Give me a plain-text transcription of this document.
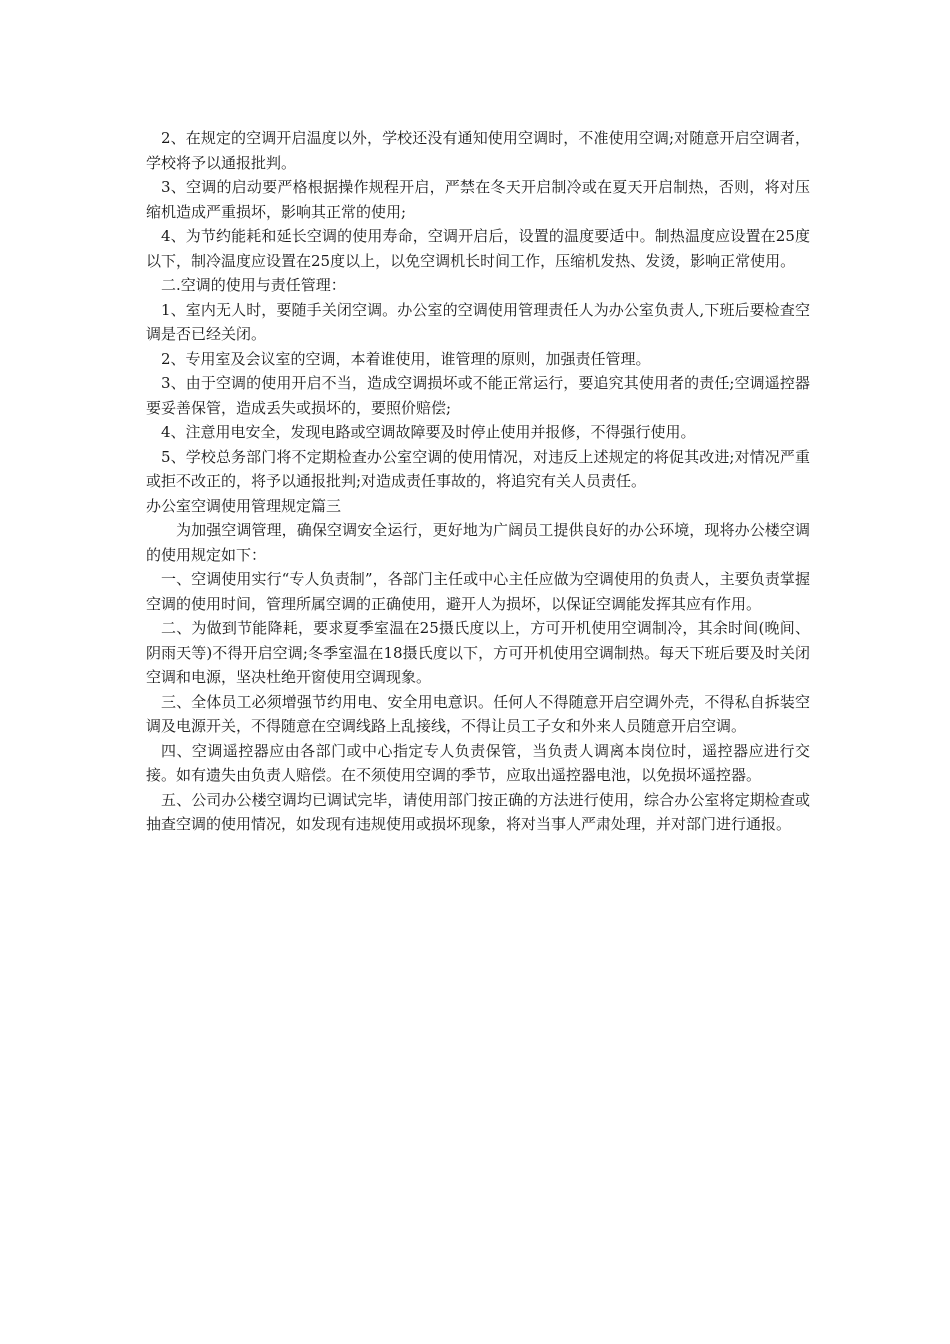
2、在规定的空调开启温度以外，学校还没有通知使用空调时，不准使用空调;对随意开启空调者，学校将予以通报批判。

3、空调的启动要严格根据操作规程开启，严禁在冬天开启制冷或在夏天开启制热，否则，将对压缩机造成严重损坏，影响其正常的使用;

4、为节约能耗和延长空调的使用寿命，空调开启后，设置的温度要适中。制热温度应设置在25度以下，制冷温度应设置在25度以上，以免空调机长时间工作，压缩机发热、发烫，影响正常使用。

二.空调的使用与责任管理：

1、室内无人时，要随手关闭空调。办公室的空调使用管理责任人为办公室负责人,下班后要检查空调是否已经关闭。

2、专用室及会议室的空调，本着谁使用，谁管理的原则，加强责任管理。

3、由于空调的使用开启不当，造成空调损坏或不能正常运行，要追究其使用者的责任;空调遥控器要妥善保管，造成丢失或损坏的，要照价赔偿;

4、注意用电安全，发现电路或空调故障要及时停止使用并报修，不得强行使用。

5、学校总务部门将不定期检查办公室空调的使用情况，对违反上述规定的将促其改进;对情况严重或拒不改正的，将予以通报批判;对造成责任事故的，将追究有关人员责任。

办公室空调使用管理规定篇三

为加强空调管理，确保空调安全运行，更好地为广阔员工提供良好的办公环境，现将办公楼空调的使用规定如下：

一、空调使用实行“专人负责制”，各部门主任或中心主任应做为空调使用的负责人，主要负责掌握空调的使用时间，管理所属空调的正确使用，避开人为损坏，以保证空调能发挥其应有作用。

二、为做到节能降耗，要求夏季室温在25摄氏度以上，方可开机使用空调制冷，其余时间(晚间、阴雨天等)不得开启空调;冬季室温在18摄氏度以下，方可开机使用空调制热。每天下班后要及时关闭空调和电源，坚决杜绝开窗使用空调现象。

三、全体员工必须增强节约用电、安全用电意识。任何人不得随意开启空调外壳，不得私自拆装空调及电源开关，不得随意在空调线路上乱接线，不得让员工子女和外来人员随意开启空调。

四、空调遥控器应由各部门或中心指定专人负责保管，当负责人调离本岗位时，遥控器应进行交接。如有遗失由负责人赔偿。在不须使用空调的季节，应取出遥控器电池，以免损坏遥控器。

五、公司办公楼空调均已调试完毕，请使用部门按正确的方法进行使用，综合办公室将定期检查或抽查空调的使用情况，如发现有违规使用或损坏现象，将对当事人严肃处理，并对部门进行通报。
